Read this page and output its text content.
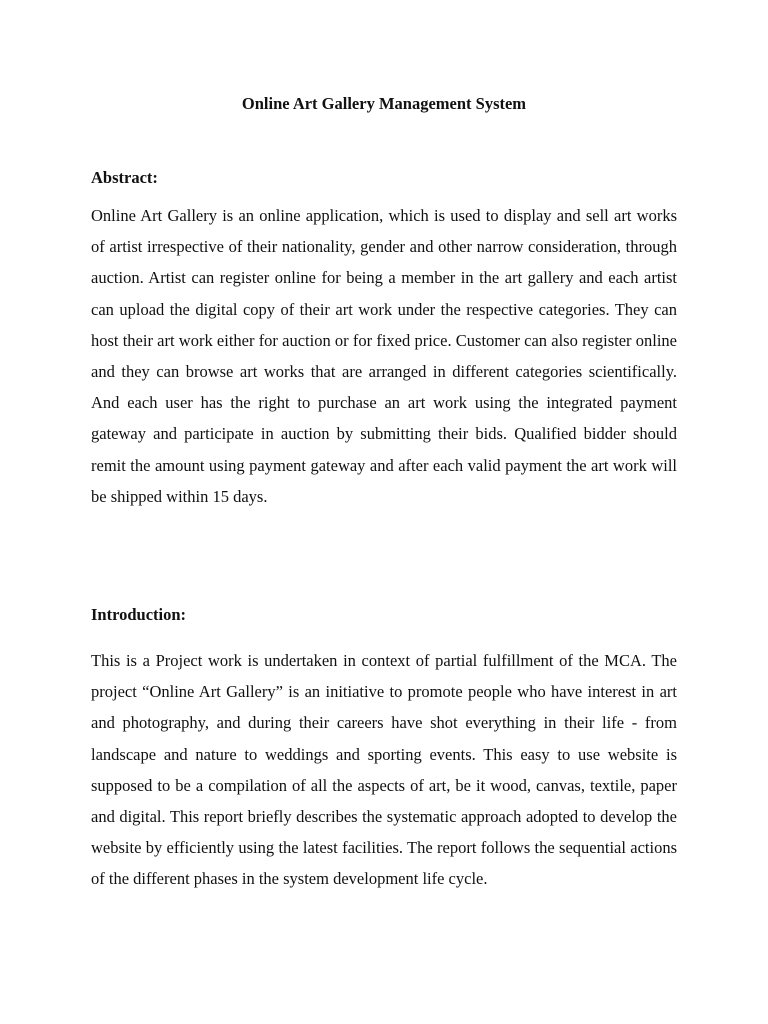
Online Art Gallery Management System
Abstract:

Online Art Gallery is an online application, which is used to display and sell art works of artist irrespective of their nationality, gender and other narrow consideration, through auction. Artist can register online for being a member in the art gallery and each artist can upload the digital copy of their art work under the respective categories. They can host their art work either for auction or for fixed price. Customer can also register online and they can browse art works that are arranged in different categories scientifically. And each user has the right to purchase an art work using the integrated payment gateway and participate in auction by submitting their bids. Qualified bidder should remit the amount using payment gateway and after each valid payment the art work will be shipped within 15 days.

Introduction:

This is a Project work is undertaken in context of partial fulfillment of the MCA. The project “Online Art Gallery” is an initiative to promote people who have interest in art and photography, and during their careers have shot everything in their life - from landscape and nature to weddings and sporting events. This easy to use website is supposed to be a compilation of all the aspects of art, be it wood, canvas, textile, paper and digital. This report briefly describes the systematic approach adopted to develop the website by efficiently using the latest facilities. The report follows the sequential actions of the different phases in the system development life cycle.
